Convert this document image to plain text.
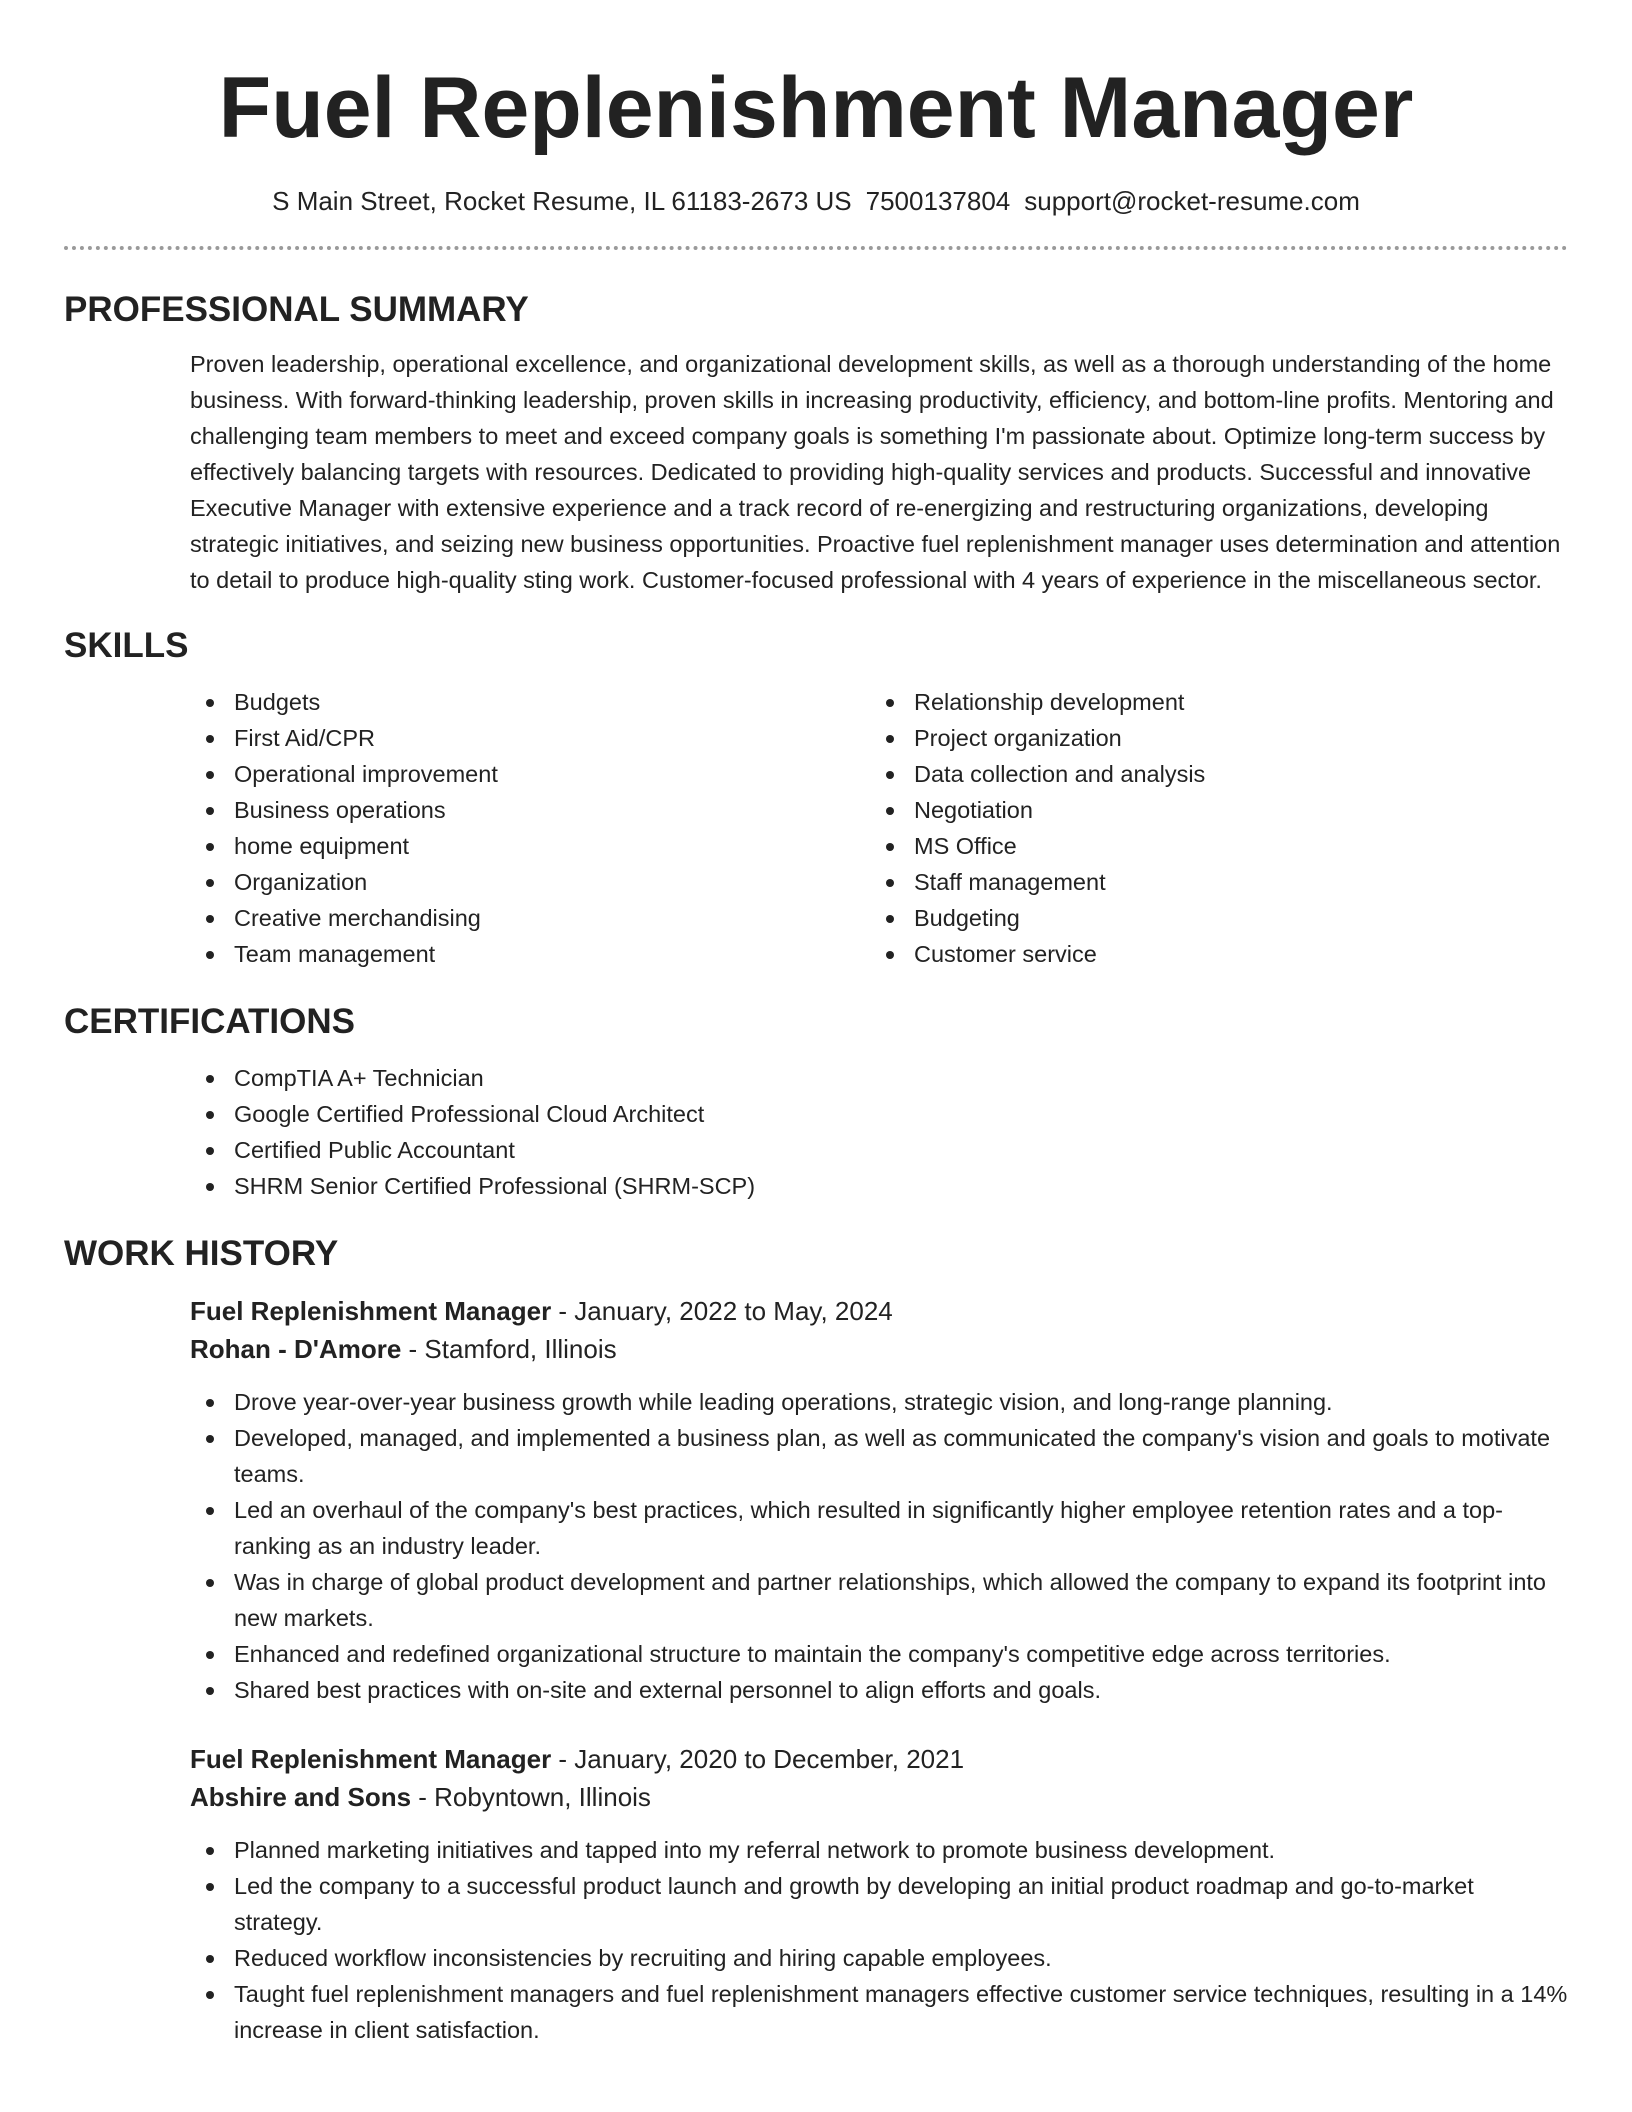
Fuel Replenishment Manager
S Main Street, Rocket Resume, IL 61183-2673 US 7500137804 support@rocket-resume.com
PROFESSIONAL SUMMARY

Proven leadership, operational excellence, and organizational development skills, as well as a thorough understanding of the home business. With forward-thinking leadership, proven skills in increasing productivity, efficiency, and bottom-line profits. Mentoring and challenging team members to meet and exceed company goals is something I'm passionate about. Optimize long-term success by effectively balancing targets with resources. Dedicated to providing high-quality services and products. Successful and innovative Executive Manager with extensive experience and a track record of re-energizing and restructuring organizations, developing strategic initiatives, and seizing new business opportunities. Proactive fuel replenishment manager uses determination and attention to detail to produce high-quality sting work. Customer-focused professional with 4 years of experience in the miscellaneous sector.

SKILLS
Budgets
First Aid/CPR
Operational improvement
Business operations
home equipment
Organization
Creative merchandising
Team management
Relationship development
Project organization
Data collection and analysis
Negotiation
MS Office
Staff management
Budgeting
Customer service
CERTIFICATIONS
CompTIA A+ Technician
Google Certified Professional Cloud Architect
Certified Public Accountant
SHRM Senior Certified Professional (SHRM-SCP)
WORK HISTORY
Fuel Replenishment Manager - January, 2022 to May, 2024
Rohan - D'Amore - Stamford, Illinois
Drove year-over-year business growth while leading operations, strategic vision, and long-range planning.
Developed, managed, and implemented a business plan, as well as communicated the company's vision and goals to motivate teams.
Led an overhaul of the company's best practices, which resulted in significantly higher employee retention rates and a top-ranking as an industry leader.
Was in charge of global product development and partner relationships, which allowed the company to expand its footprint into new markets.
Enhanced and redefined organizational structure to maintain the company's competitive edge across territories.
Shared best practices with on-site and external personnel to align efforts and goals.
Fuel Replenishment Manager - January, 2020 to December, 2021
Abshire and Sons - Robyntown, Illinois
Planned marketing initiatives and tapped into my referral network to promote business development.
Led the company to a successful product launch and growth by developing an initial product roadmap and go-to-market strategy.
Reduced workflow inconsistencies by recruiting and hiring capable employees.
Taught fuel replenishment managers and fuel replenishment managers effective customer service techniques, resulting in a 14% increase in client satisfaction.
